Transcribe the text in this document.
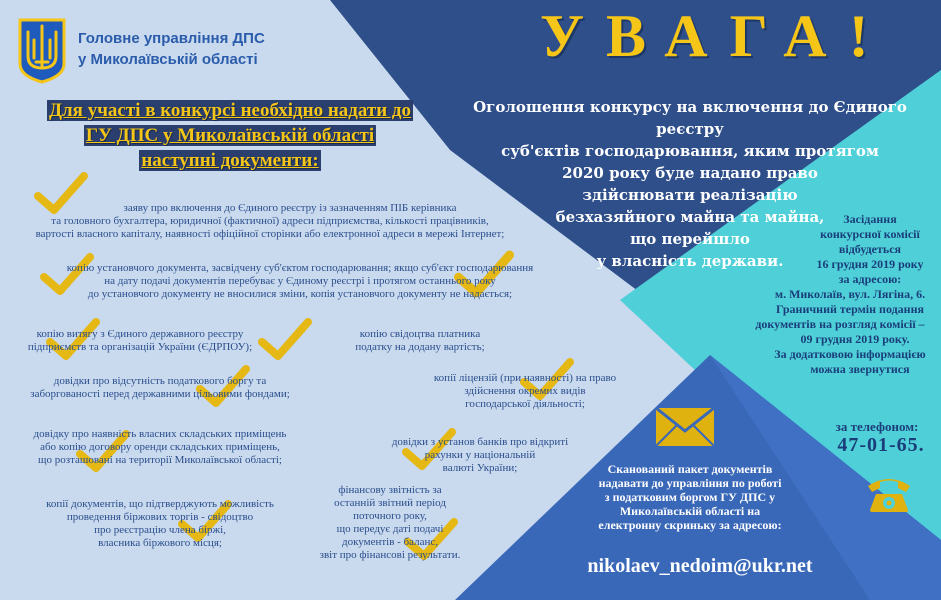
Головне управління ДПС
у Миколаївській області	УВАГА!
Для участі в конкурсі необхідно надати до
ГУ ДПС у Миколаївській області
наступні документи:
Оголошення конкурсу на включення до Єдиного реєстру
суб'єктів господарювання, яким протягом
2020 року буде надано право
здійснювати реалізацію
безхазяйного майна та майна,
що перейшло
у власність держави.
заяву про включення до Єдиного реєстру із зазначенням ПІБ керівника
та головного бухгалтера, юридичної (фактичної) адреси підприємства, кількості працівників,
вартості власного капіталу, наявності офіційної сторінки або електронної адреси в мережі Інтернет;
копію установчого документа, засвідчену суб'єктом господарювання; якщо суб'єкт господарювання
на дату подачі документів перебуває у Єдиному реєстрі і протягом останнього року
до установчого документу не вносилися зміни, копія установчого документу не надається;
копію витягу з Єдиного державного реєстру
підприємств та організацій України (ЄДРПОУ);
копію свідоцтва платника
податку на додану вартість;
довідки про відсутність податкового боргу та
заборгованості перед державними цільовими фондами;
копії ліцензій (при наявності) на право
здійснення окремих видів
господарської діяльності;
довідку про наявність власних складських приміщень
або копію договору оренди складських приміщень,
що розташовані на території Миколаївської області;
довідки з установ банків про відкриті
рахунки у національній
валюті України;
копії документів, що підтверджують можливість
проведення біржових торгів - свідоцтво
про реєстрацію члена біржі,
власника біржового місця;
фінансову звітність за
останній звітний період
поточного року,
що передує даті подачі
документів - баланс,
звіт про фінансові результати.
Засідання
конкурсної комісії
відбудеться
16 грудня 2019 року
за адресою:
м. Миколаїв, вул. Лягіна, 6.
Граничний термін подання
документів на розгляд комісії –
09 грудня 2019 року.
За додатковою інформацією
можна звернутися
за телефоном:
47-01-65.
Сканований пакет документів
надавати до управління по роботі
з податковим боргом ГУ ДПС у
Миколаївській області на
електронну скриньку за адресою:
nikolaev_nedoim@ukr.net
